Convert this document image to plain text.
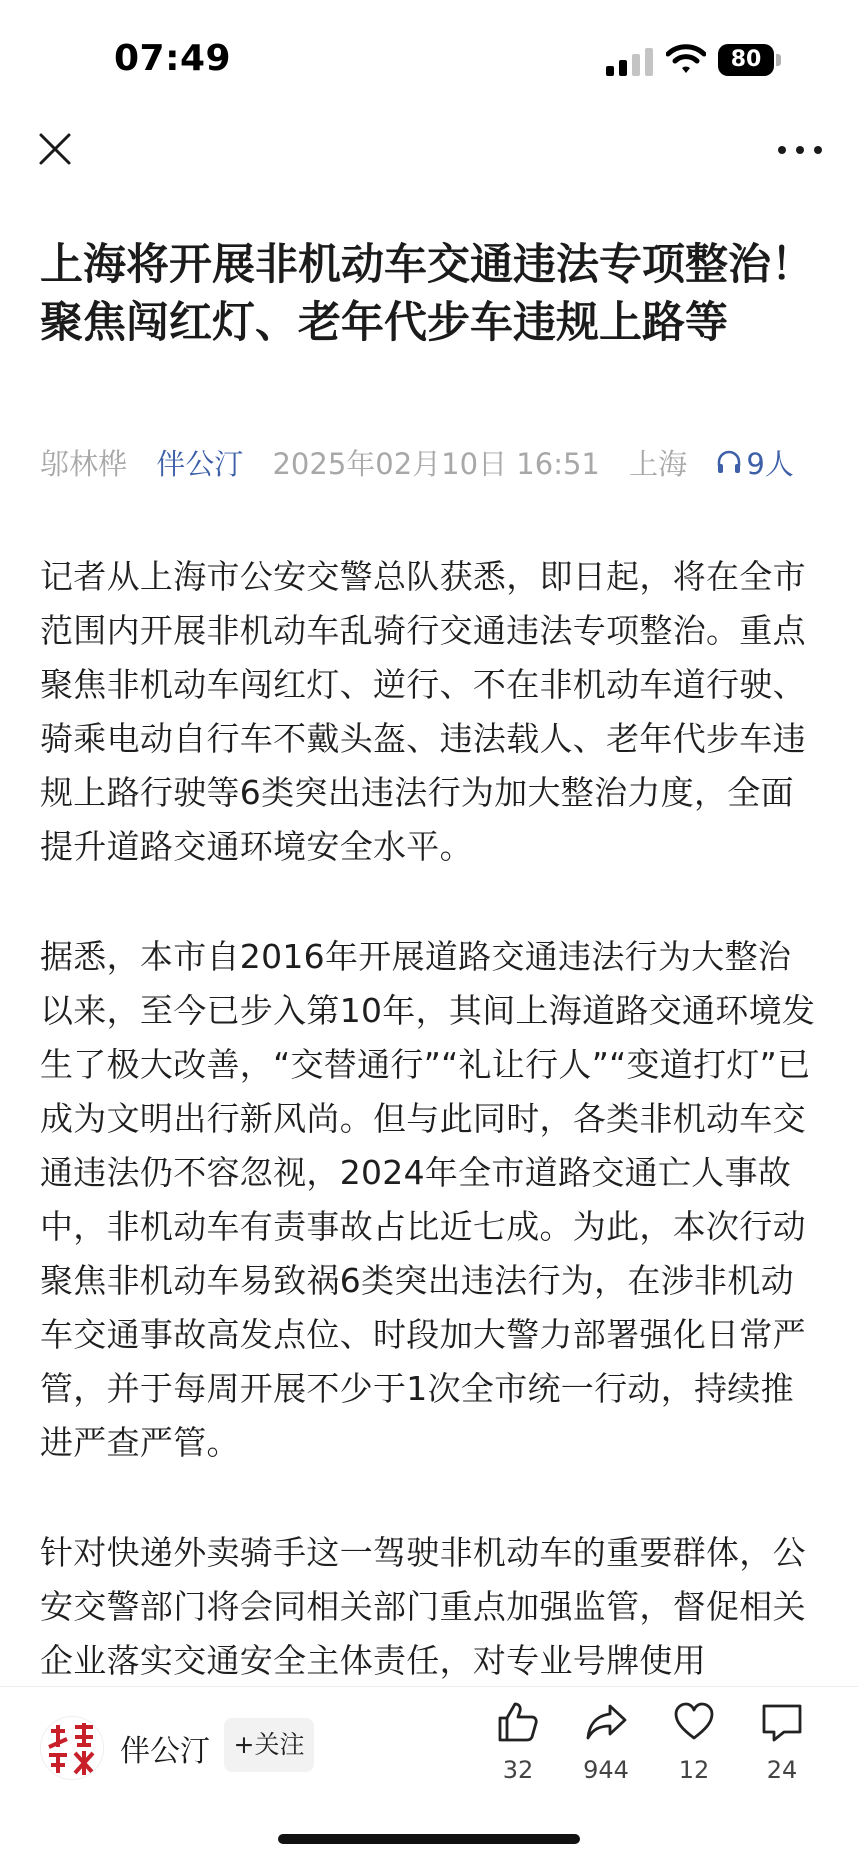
07:49	80
上海将开展非机动车交通违法专项整治！聚焦闯红灯、老年代步车违规上路等
邬林桦 伴公汀 2025年02月10日 16:51 上海 9人

记者从上海市公安交警总队获悉，即日起，将在全市范围内开展非机动车乱骑行交通违法专项整治。重点聚焦非机动车闯红灯、逆行、不在非机动车道行驶、骑乘电动自行车不戴头盔、违法载人、老年代步车违规上路行驶等6类突出违法行为加大整治力度，全面提升道路交通环境安全水平。

据悉，本市自2016年开展道路交通违法行为大整治以来，至今已步入第10年，其间上海道路交通环境发生了极大改善，“交替通行”“礼让行人”“变道打灯”已成为文明出行新风尚。但与此同时，各类非机动车交通违法仍不容忽视，2024年全市道路交通亡人事故中，非机动车有责事故占比近七成。为此，本次行动聚焦非机动车易致祸6类突出违法行为，在涉非机动车交通事故高发点位、时段加大警力部署强化日常严管，并于每周开展不少于1次全市统一行动，持续推进严查严管。

针对快递外卖骑手这一驾驶非机动车的重要群体，公安交警部门将会同相关部门重点加强监管，督促相关企业落实交通安全主体责任，对专业号牌使用

伴公汀 +关注
32	944	12	24
